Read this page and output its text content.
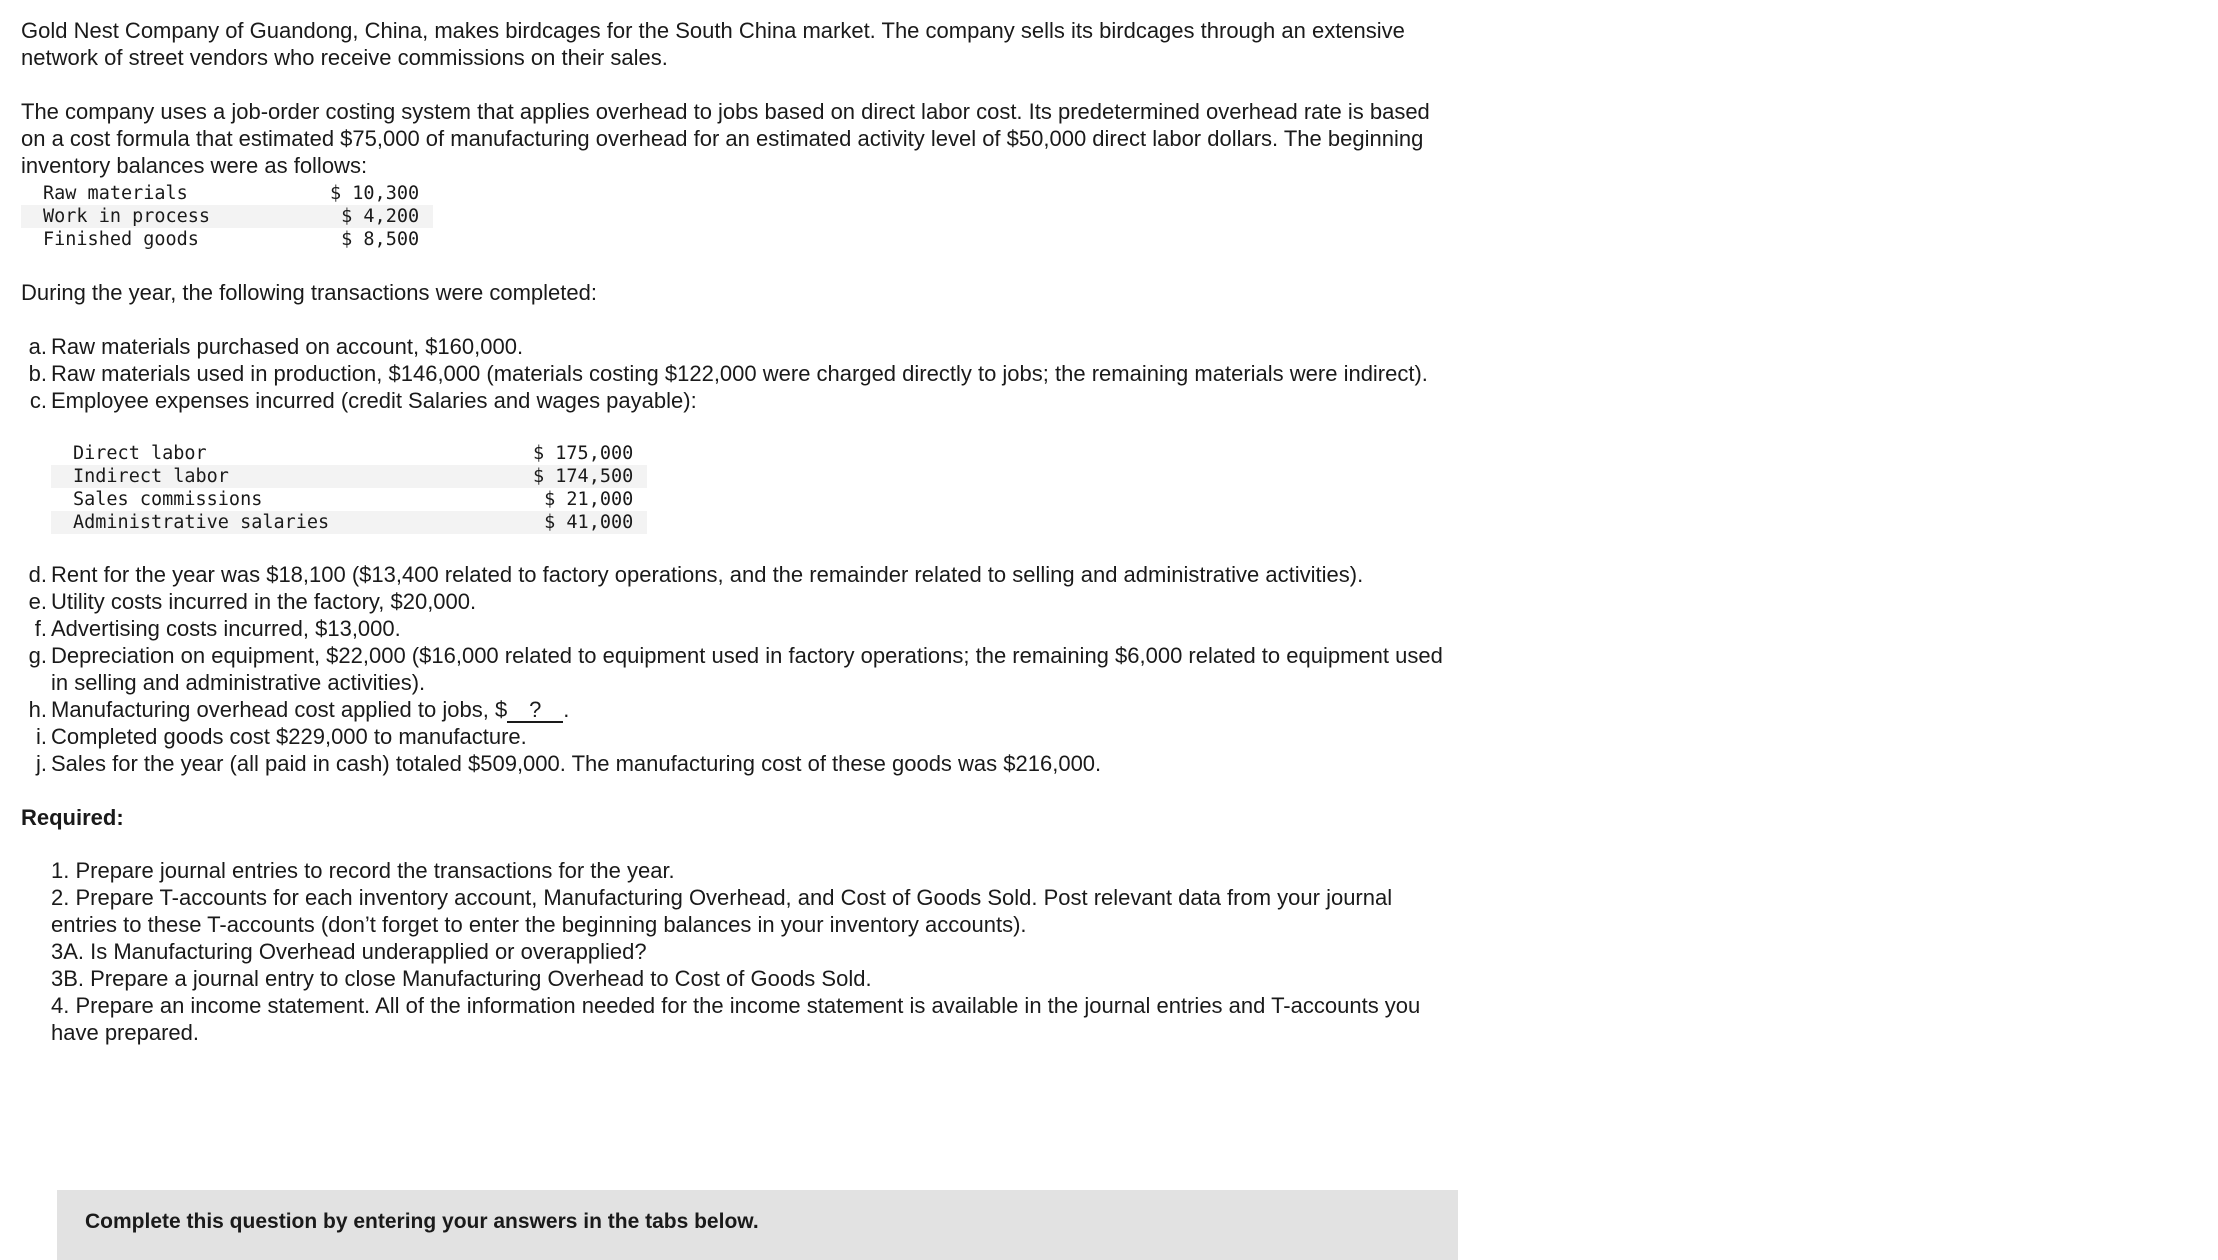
Gold Nest Company of Guandong, China, makes birdcages for the South China market. The company sells its birdcages through an extensive network of street vendors who receive commissions on their sales.

The company uses a job-order costing system that applies overhead to jobs based on direct labor cost. Its predetermined overhead rate is based on a cost formula that estimated $75,000 of manufacturing overhead for an estimated activity level of $50,000 direct labor dollars. The beginning inventory balances were as follows:

Raw materials	$ 10,300
Work in process	$ 4,200
Finished goods	$ 8,500

During the year, the following transactions were completed:

a. Raw materials purchased on account, $160,000.
b. Raw materials used in production, $146,000 (materials costing $122,000 were charged directly to jobs; the remaining materials were indirect).
c. Employee expenses incurred (credit Salaries and wages payable):
Direct labor	$ 175,000
Indirect labor	$ 174,500
Sales commissions	$ 21,000
Administrative salaries	$ 41,000
d. Rent for the year was $18,100 ($13,400 related to factory operations, and the remainder related to selling and administrative activities).
e. Utility costs incurred in the factory, $20,000.
f. Advertising costs incurred, $13,000.
g. Depreciation on equipment, $22,000 ($16,000 related to equipment used in factory operations; the remaining $6,000 related to equipment used in selling and administrative activities).
h. Manufacturing overhead cost applied to jobs, $ ? .
i. Completed goods cost $229,000 to manufacture.
j. Sales for the year (all paid in cash) totaled $509,000. The manufacturing cost of these goods was $216,000.

Required:

1. Prepare journal entries to record the transactions for the year.
2. Prepare T-accounts for each inventory account, Manufacturing Overhead, and Cost of Goods Sold. Post relevant data from your journal entries to these T-accounts (don’t forget to enter the beginning balances in your inventory accounts).
3A. Is Manufacturing Overhead underapplied or overapplied?
3B. Prepare a journal entry to close Manufacturing Overhead to Cost of Goods Sold.
4. Prepare an income statement. All of the information needed for the income statement is available in the journal entries and T-accounts you have prepared.
Complete this question by entering your answers in the tabs below.
